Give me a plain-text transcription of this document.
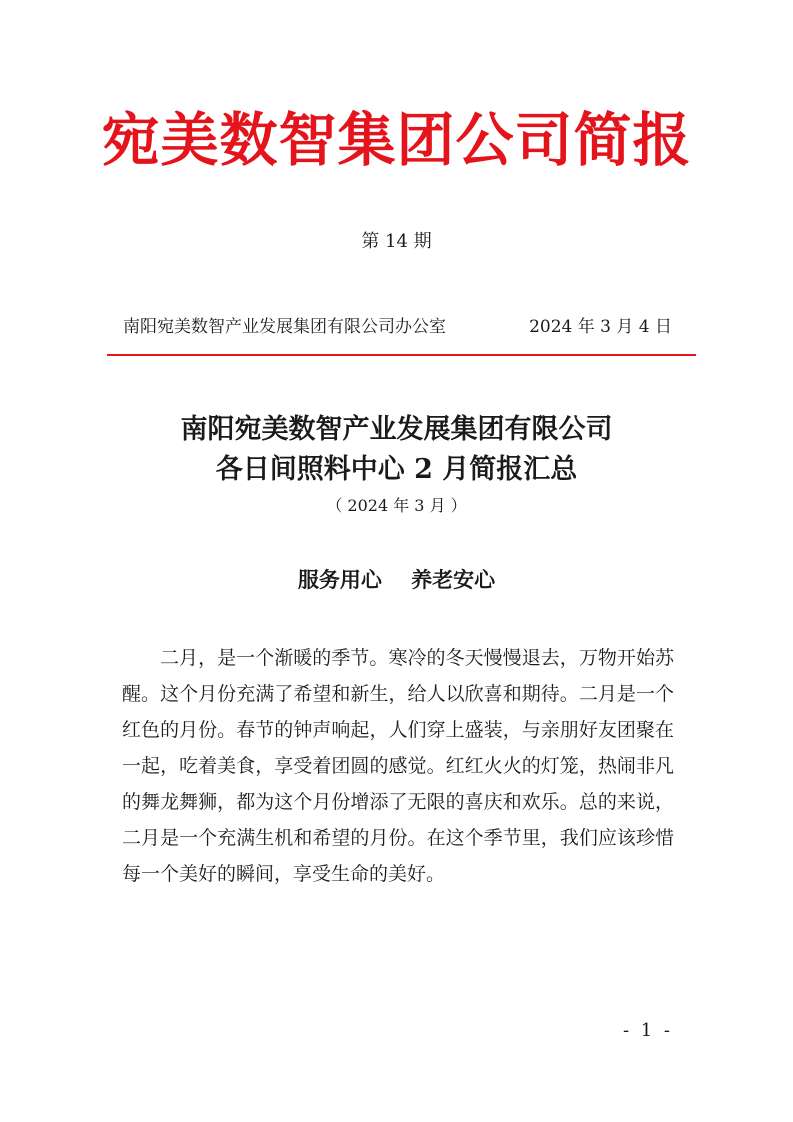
宛美数智集团公司简报
第 14 期
南阳宛美数智产业发展集团有限公司办公室	2024 年 3 月 4 日
南阳宛美数智产业发展集团有限公司
各日间照料中心 2 月简报汇总
（ 2024 年 3 月 ）
服务用心    养老安心

二月，是一个渐暖的季节。寒冷的冬天慢慢退去，万物开始苏醒。这个月份充满了希望和新生，给人以欣喜和期待。二月是一个红色的月份。春节的钟声响起，人们穿上盛装，与亲朋好友团聚在一起，吃着美食，享受着团圆的感觉。红红火火的灯笼，热闹非凡的舞龙舞狮，都为这个月份增添了无限的喜庆和欢乐。总的来说，二月是一个充满生机和希望的月份。在这个季节里，我们应该珍惜每一个美好的瞬间，享受生命的美好。

- 1 -
